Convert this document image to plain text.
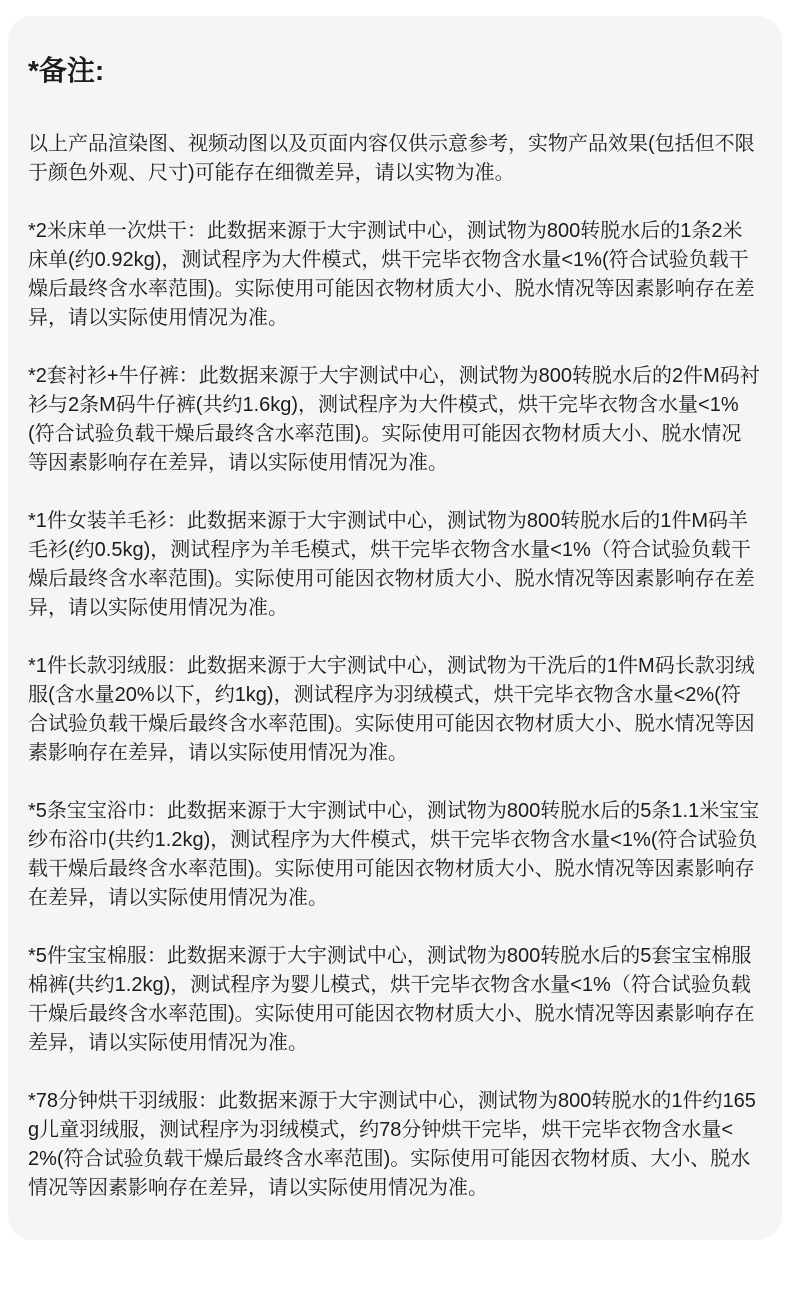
*备注:

以上产品渲染图、视频动图以及页面内容仅供示意参考，实物产品效果(包括但不限于颜色外观、尺寸)可能存在细微差异，请以实物为准。

*2米床单一次烘干：此数据来源于大宇测试中心，测试物为800转脱水后的1条2米床单(约0.92kg)，测试程序为大件模式，烘干完毕衣物含水量<1%(符合试验负载干燥后最终含水率范围)。实际使用可能因衣物材质大小、脱水情况等因素影响存在差异，请以实际使用情况为准。

*2套衬衫+牛仔裤：此数据来源于大宇测试中心，测试物为800转脱水后的2件M码衬衫与2条M码牛仔裤(共约1.6kg)，测试程序为大件模式，烘干完毕衣物含水量<1%(符合试验负载干燥后最终含水率范围)。实际使用可能因衣物材质大小、脱水情况等因素影响存在差异，请以实际使用情况为准。

*1件女装羊毛衫：此数据来源于大宇测试中心，测试物为800转脱水后的1件M码羊毛衫(约0.5kg)，测试程序为羊毛模式，烘干完毕衣物含水量<1%（符合试验负载干燥后最终含水率范围)。实际使用可能因衣物材质大小、脱水情况等因素影响存在差异，请以实际使用情况为准。

*1件长款羽绒服：此数据来源于大宇测试中心，测试物为干洗后的1件M码长款羽绒服(含水量20%以下，约1kg)，测试程序为羽绒模式，烘干完毕衣物含水量<2%(符合试验负载干燥后最终含水率范围)。实际使用可能因衣物材质大小、脱水情况等因素影响存在差异，请以实际使用情况为准。

*5条宝宝浴巾：此数据来源于大宇测试中心，测试物为800转脱水后的5条1.1米宝宝纱布浴巾(共约1.2kg)，测试程序为大件模式，烘干完毕衣物含水量<1%(符合试验负载干燥后最终含水率范围)。实际使用可能因衣物材质大小、脱水情况等因素影响存在差异，请以实际使用情况为准。

*5件宝宝棉服：此数据来源于大宇测试中心，测试物为800转脱水后的5套宝宝棉服棉裤(共约1.2kg)，测试程序为婴儿模式，烘干完毕衣物含水量<1%（符合试验负载干燥后最终含水率范围)。实际使用可能因衣物材质大小、脱水情况等因素影响存在差异，请以实际使用情况为准。

*78分钟烘干羽绒服：此数据来源于大宇测试中心，测试物为800转脱水的1件约165g儿童羽绒服，测试程序为羽绒模式，约78分钟烘干完毕，烘干完毕衣物含水量<2%(符合试验负载干燥后最终含水率范围)。实际使用可能因衣物材质、大小、脱水情况等因素影响存在差异，请以实际使用情况为准。
